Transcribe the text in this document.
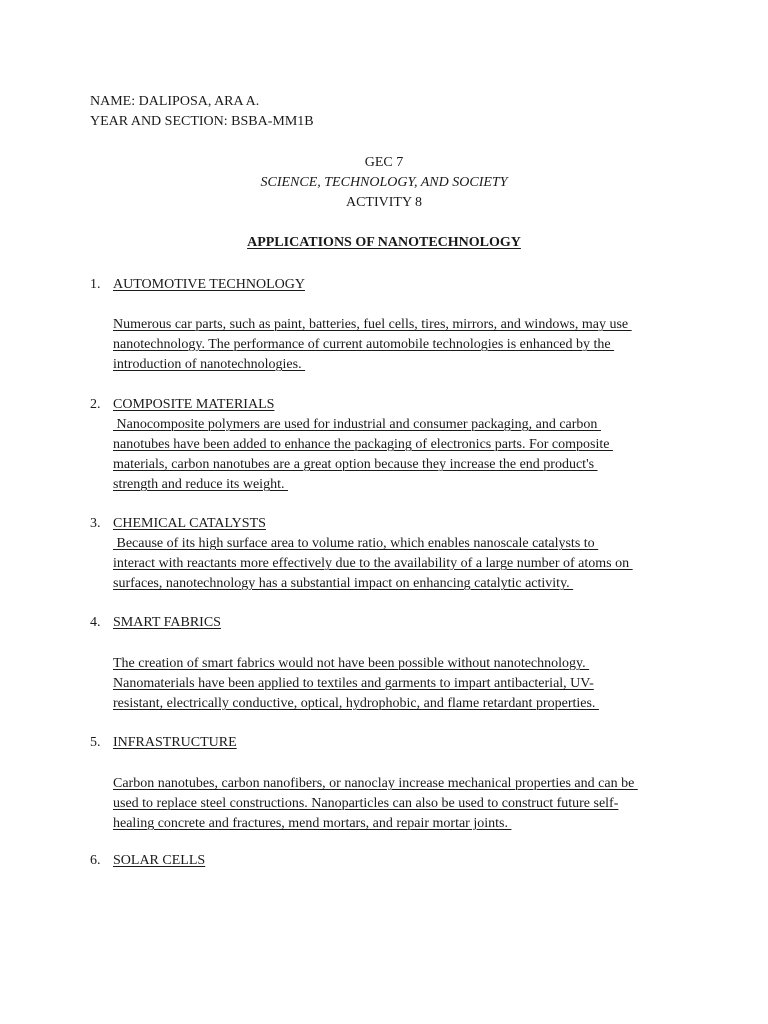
NAME: DALIPOSA, ARA A.
YEAR AND SECTION: BSBA-MM1B
GEC 7
SCIENCE, TECHNOLOGY, AND SOCIETY
ACTIVITY 8
APPLICATIONS OF NANOTECHNOLOGY
1. AUTOMOTIVE TECHNOLOGY
Numerous car parts, such as paint, batteries, fuel cells, tires, mirrors, and windows, may use
nanotechnology. The performance of current automobile technologies is enhanced by the
introduction of nanotechnologies.
2. COMPOSITE MATERIALS
Nanocomposite polymers are used for industrial and consumer packaging, and carbon
nanotubes have been added to enhance the packaging of electronics parts. For composite
materials, carbon nanotubes are a great option because they increase the end product's
strength and reduce its weight.
3. CHEMICAL CATALYSTS
Because of its high surface area to volume ratio, which enables nanoscale catalysts to
interact with reactants more effectively due to the availability of a large number of atoms on
surfaces, nanotechnology has a substantial impact on enhancing catalytic activity.
4. SMART FABRICS
The creation of smart fabrics would not have been possible without nanotechnology.
Nanomaterials have been applied to textiles and garments to impart antibacterial, UV-
resistant, electrically conductive, optical, hydrophobic, and flame retardant properties.
5. INFRASTRUCTURE
Carbon nanotubes, carbon nanofibers, or nanoclay increase mechanical properties and can be
used to replace steel constructions. Nanoparticles can also be used to construct future self-
healing concrete and fractures, mend mortars, and repair mortar joints.
6. SOLAR CELLS
